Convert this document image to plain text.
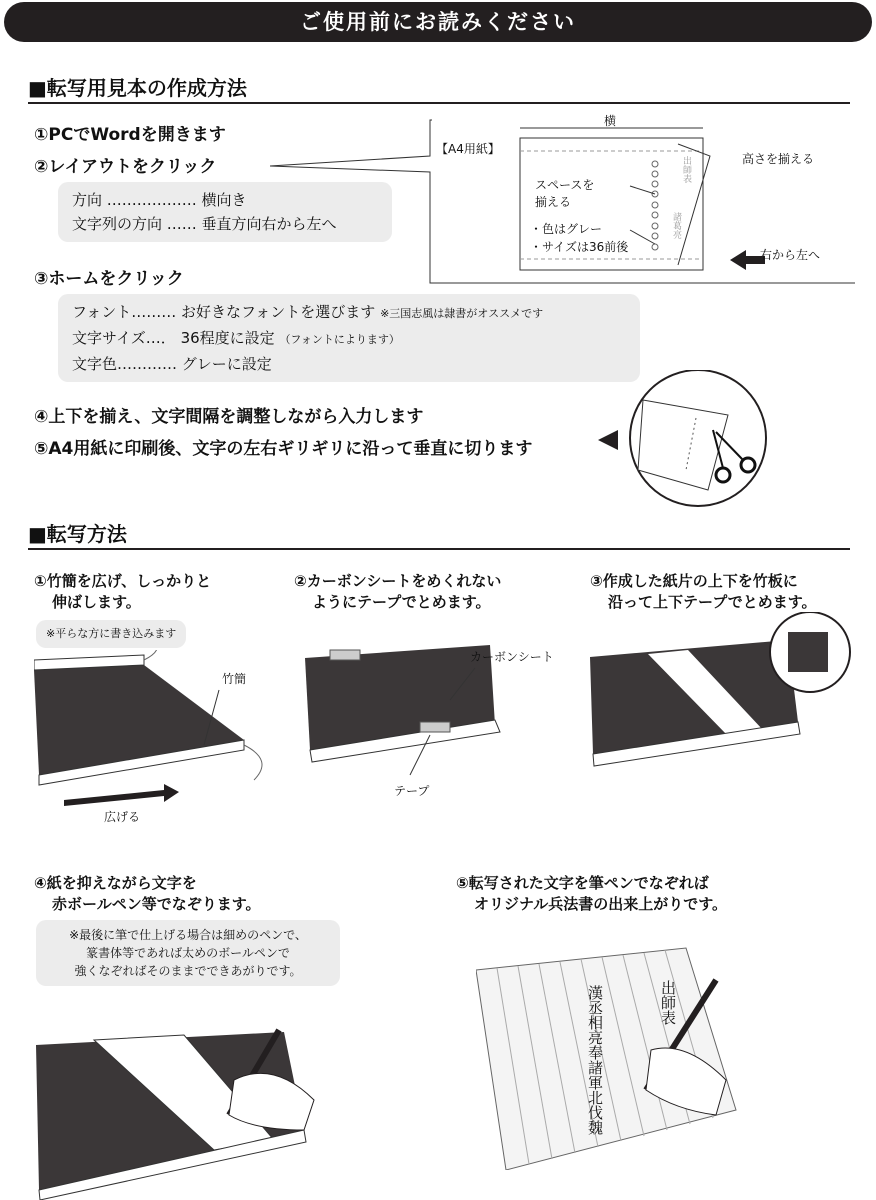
ご使用前にお読みください
■転写用見本の作成方法
①PCでWordを開きます
②レイアウトをクリック
方向 ……………… 横向き
文字列の方向 …… 垂直方向右から左へ
③ホームをクリック
フォント……… お好きなフォントを選びます ※三国志風は隷書がオススメです
文字サイズ…． 36程度に設定 （フォントによります）
文字色………… グレーに設定
④上下を揃え、文字間隔を調整しながら入力します
⑤A4用紙に印刷後、文字の左右ギリギリに沿って垂直に切ります
横
【A4用紙】
高さを揃える
スペースを
揃える
・色はグレー
・サイズは36前後
右から左へ
出師表
諸葛亮
■転写方法
①竹簡を広げ、しっかりと
伸ばします。
※平らな方に書き込みます
竹簡
広げる
②カーボンシートをめくれない
ようにテープでとめます。
カーボンシート
テープ
③作成した紙片の上下を竹板に
沿って上下テープでとめます。
④紙を抑えながら文字を
赤ボールペン等でなぞります。
※最後に筆で仕上げる場合は細めのペンで、
篆書体等であれば太めのボールペンで
強くなぞればそのままでできあがりです。
⑤転写された文字を筆ペンでなぞれば
オリジナル兵法書の出来上がりです。
出師表
漢丞相亮奉諸軍北伐魏
